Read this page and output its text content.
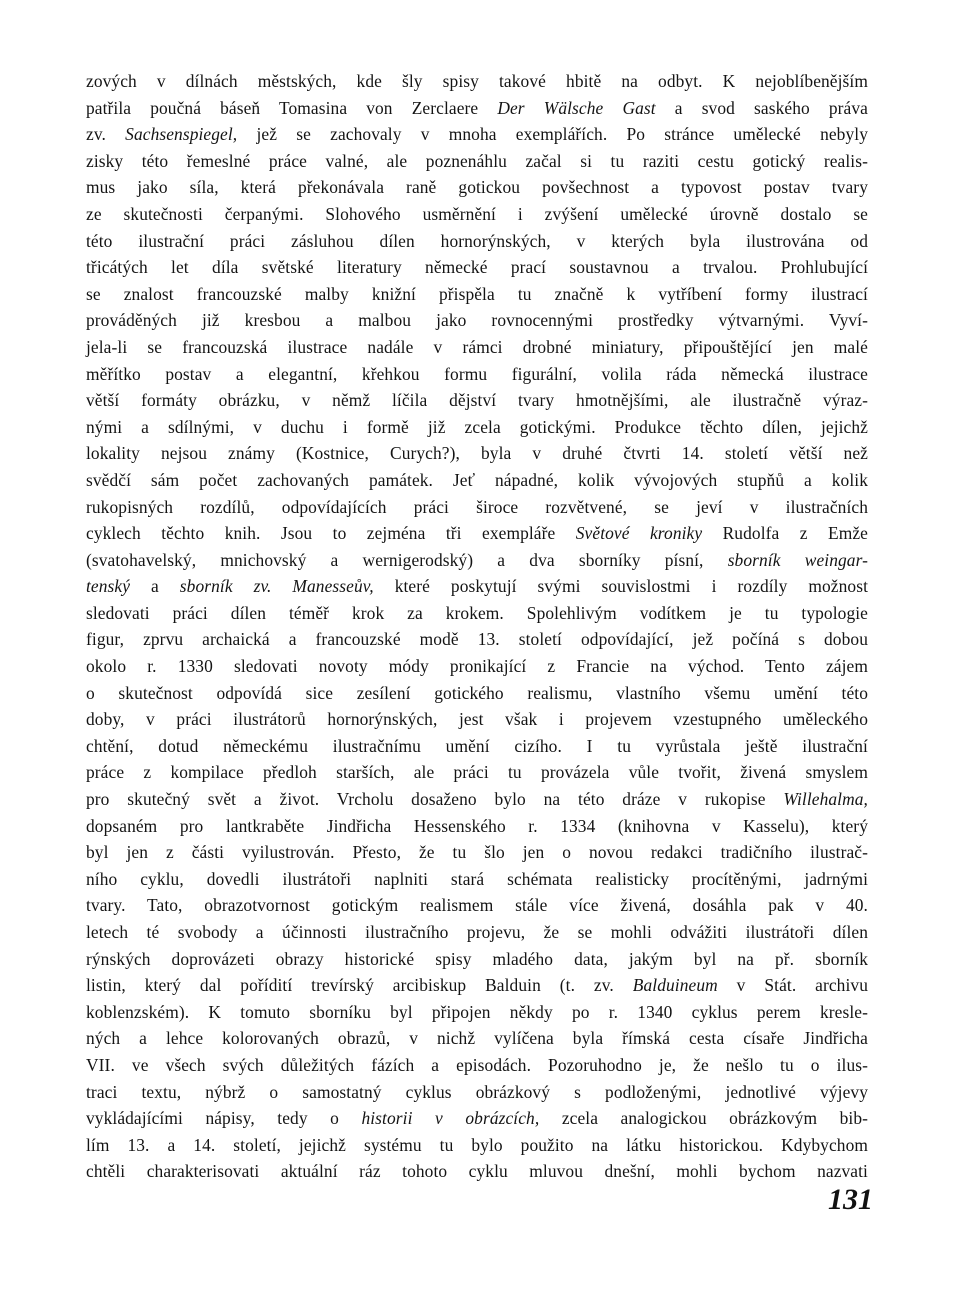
zových v dílnách městských, kde šly spisy takové hbitě na odbyt. K nejoblíbenějším
patřila poučná báseň Tomasina von Zerclaere Der Wälsche Gast a svod saského práva
zv. Sachsenspiegel, jež se zachovaly v mnoha exemplářích. Po stránce umělecké nebyly
zisky této řemeslné práce valné, ale poznenáhlu začal si tu raziti cestu gotický realis-
mus jako síla, která překonávala raně gotickou povšechnost a typovost postav tvary
ze skutečnosti čerpanými. Slohového usměrnění i zvýšení umělecké úrovně dostalo se
této ilustrační práci zásluhou dílen hornorýnských, v kterých byla ilustrována od
třicátých let díla světské literatury německé prací soustavnou a trvalou. Prohlubující
se znalost francouzské malby knižní přispěla tu značně k vytříbení formy ilustrací
prováděných již kresbou a malbou jako rovnocennými prostředky výtvarnými. Vyví-
jela-li se francouzská ilustrace nadále v rámci drobné miniatury, připouštějící jen malé
měřítko postav a elegantní, křehkou formu figurální, volila ráda německá ilustrace
větší formáty obrázku, v němž líčila dějství tvary hmotnějšími, ale ilustračně výraz-
nými a sdílnými, v duchu i formě již zcela gotickými. Produkce těchto dílen, jejichž
lokality nejsou známy (Kostnice, Curych?), byla v druhé čtvrti 14. století větší než
svědčí sám počet zachovaných památek. Jeť nápadné, kolik vývojových stupňů a kolik
rukopisných rozdílů, odpovídajících práci široce rozvětvené, se jeví v ilustračních
cyklech těchto knih. Jsou to zejména tři exempláře Světové kroniky Rudolfa z Emže
(svatohavelský, mnichovský a wernigerodský) a dva sborníky písní, sborník weingar-
tenský a sborník zv. Manesseův, které poskytují svými souvislostmi i rozdíly možnost
sledovati práci dílen téměř krok za krokem. Spolehlivým vodítkem je tu typologie
figur, zprvu archaická a francouzské modě 13. století odpovídající, jež počíná s dobou
okolo r. 1330 sledovati novoty módy pronikající z Francie na východ. Tento zájem
o skutečnost odpovídá sice zesílení gotického realismu, vlastního všemu umění této
doby, v práci ilustrátorů hornorýnských, jest však i projevem vzestupného uměleckého
chtění, dotud německému ilustračnímu umění cizího. I tu vyrůstala ještě ilustrační
práce z kompilace předloh starších, ale práci tu provázela vůle tvořit, živená smyslem
pro skutečný svět a život. Vrcholu dosaženo bylo na této dráze v rukopise Willehalma,
dopsaném pro lantkraběte Jindřicha Hessenského r. 1334 (knihovna v Kasselu), který
byl jen z části vyilustrován. Přesto, že tu šlo jen o novou redakci tradičního ilustrač-
ního cyklu, dovedli ilustrátoři naplniti stará schémata realisticky procítěnými, jadrnými
tvary. Tato, obrazotvornost gotickým realismem stále více živená, dosáhla pak v 40.
letech té svobody a účinnosti ilustračního projevu, že se mohli odvážiti ilustrátoři dílen
rýnských doprovázeti obrazy historické spisy mladého data, jakým byl na př. sborník
listin, který dal pořídití trevírský arcibiskup Balduin (t. zv. Balduineum v Stát. archivu
koblenzském). K tomuto sborníku byl připojen někdy po r. 1340 cyklus perem kresle-
ných a lehce kolorovaných obrazů, v nichž vylíčena byla římská cesta císaře Jindřicha
VII. ve všech svých důležitých fázích a episodách. Pozoruhodno je, že nešlo tu o ilus-
traci textu, nýbrž o samostatný cyklus obrázkový s podloženými, jednotlivé výjevy
vykládajícími nápisy, tedy o historii v obrázcích, zcela analogickou obrázkovým bib-
lím 13. a 14. století, jejichž systému tu bylo použito na látku historickou. Kdybychom
chtěli charakterisovati aktuální ráz tohoto cyklu mluvou dnešní, mohli bychom nazvati

131
